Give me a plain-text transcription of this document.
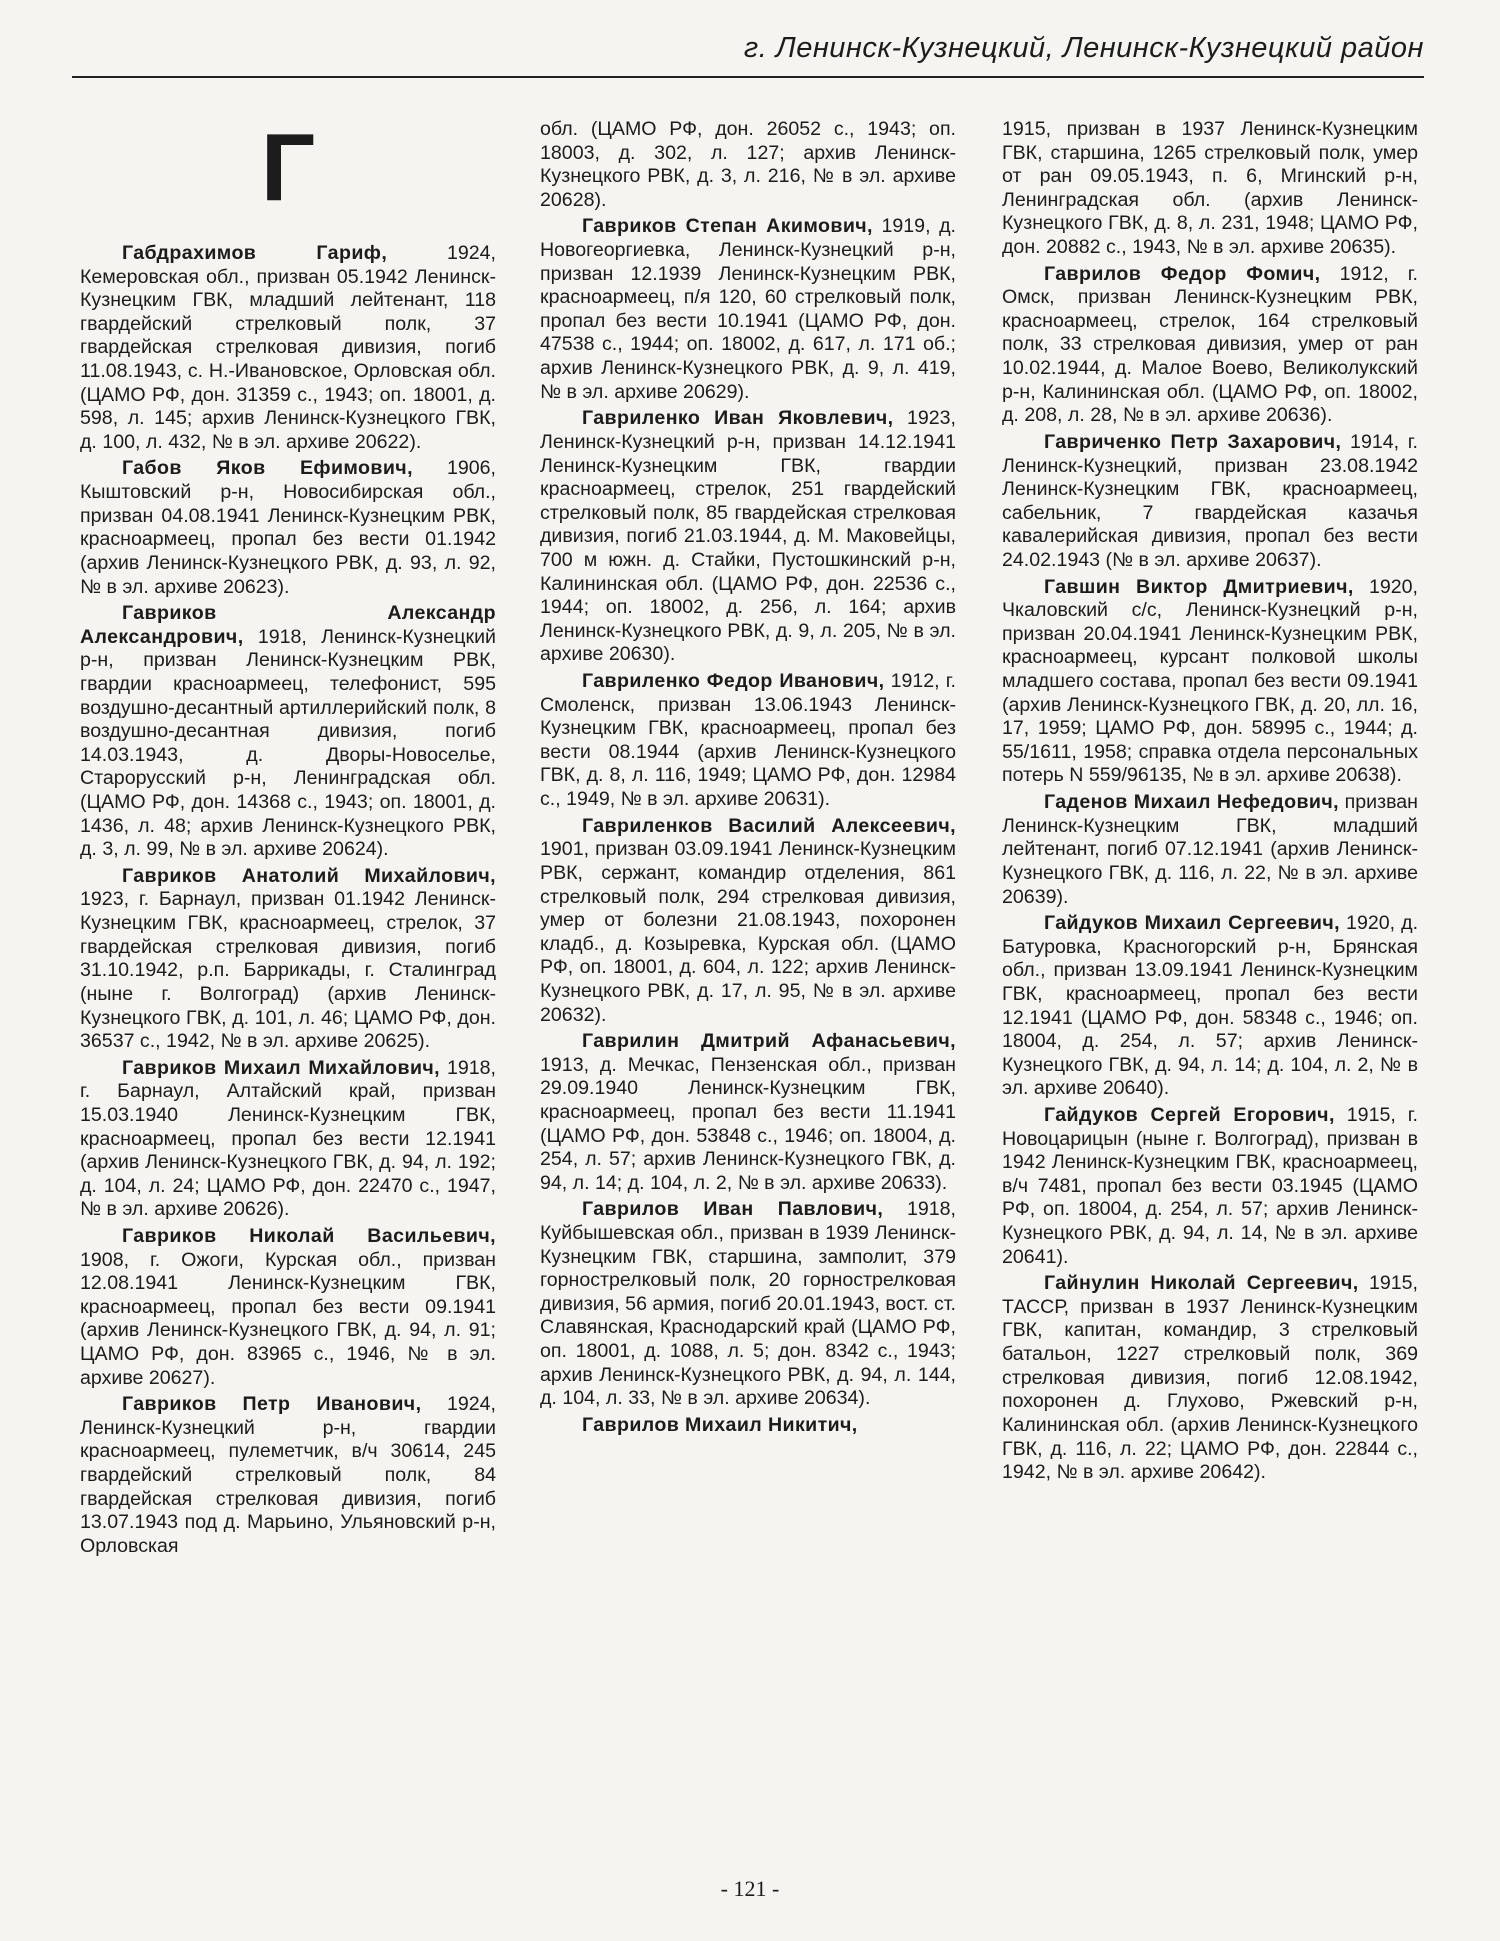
г. Ленинск-Кузнецкий, Ленинск-Кузнецкий район
Г

Габдрахимов Гариф, 1924, Кемеровская обл., призван 05.1942 Ленинск-Кузнецким ГВК, младший лейтенант, 118 гвардейский стрелковый полк, 37 гвардейская стрелковая дивизия, погиб 11.08.1943, с. Н.-Ивановское, Орловская обл. (ЦАМО РФ, дон. 31359 с., 1943; оп. 18001, д. 598, л. 145; архив Ленинск-Кузнецкого ГВК, д. 100, л. 432, № в эл. архиве 20622).

Габов Яков Ефимович, 1906, Кыштовский р-н, Новосибирская обл., призван 04.08.1941 Ленинск-Кузнецким РВК, красноармеец, пропал без вести 01.1942 (архив Ленинск-Кузнецкого РВК, д. 93, л. 92, № в эл. архиве 20623).

Гавриков Александр Александрович, 1918, Ленинск-Кузнецкий р-н, призван Ленинск-Кузнецким РВК, гвардии красноармеец, телефонист, 595 воздушно-десантный артиллерийский полк, 8 воздушно-десантная дивизия, погиб 14.03.1943, д. Дворы-Новоселье, Старорусский р-н, Ленинградская обл. (ЦАМО РФ, дон. 14368 с., 1943; оп. 18001, д. 1436, л. 48; архив Ленинск-Кузнецкого РВК, д. 3, л. 99, № в эл. архиве 20624).

Гавриков Анатолий Михайлович, 1923, г. Барнаул, призван 01.1942 Ленинск-Кузнецким ГВК, красноармеец, стрелок, 37 гвардейская стрелковая дивизия, погиб 31.10.1942, р.п. Баррикады, г. Сталинград (ныне г. Волгоград) (архив Ленинск-Кузнецкого ГВК, д. 101, л. 46; ЦАМО РФ, дон. 36537 с., 1942, № в эл. архиве 20625).

Гавриков Михаил Михайлович, 1918, г. Барнаул, Алтайский край, призван 15.03.1940 Ленинск-Кузнецким ГВК, красноармеец, пропал без вести 12.1941 (архив Ленинск-Кузнецкого ГВК, д. 94, л. 192; д. 104, л. 24; ЦАМО РФ, дон. 22470 с., 1947, № в эл. архиве 20626).

Гавриков Николай Васильевич, 1908, г. Ожоги, Курская обл., призван 12.08.1941 Ленинск-Кузнецким ГВК, красноармеец, пропал без вести 09.1941 (архив Ленинск-Кузнецкого ГВК, д. 94, л. 91; ЦАМО РФ, дон. 83965 с., 1946, № в эл. архиве 20627).

Гавриков Петр Иванович, 1924, Ленинск-Кузнецкий р-н, гвардии красноармеец, пулеметчик, в/ч 30614, 245 гвардейский стрелковый полк, 84 гвардейская стрелковая дивизия, погиб 13.07.1943 под д. Марьино, Ульяновский р-н, Орловская

обл. (ЦАМО РФ, дон. 26052 с., 1943; оп. 18003, д. 302, л. 127; архив Ленинск-Кузнецкого РВК, д. 3, л. 216, № в эл. архиве 20628).

Гавриков Степан Акимович, 1919, д. Новогеоргиевка, Ленинск-Кузнецкий р-н, призван 12.1939 Ленинск-Кузнецким РВК, красноармеец, п/я 120, 60 стрелковый полк, пропал без вести 10.1941 (ЦАМО РФ, дон. 47538 с., 1944; оп. 18002, д. 617, л. 171 об.; архив Ленинск-Кузнецкого РВК, д. 9, л. 419, № в эл. архиве 20629).

Гавриленко Иван Яковлевич, 1923, Ленинск-Кузнецкий р-н, призван 14.12.1941 Ленинск-Кузнецким ГВК, гвардии красноармеец, стрелок, 251 гвардейский стрелковый полк, 85 гвардейская стрелковая дивизия, погиб 21.03.1944, д. М. Маковейцы, 700 м южн. д. Стайки, Пустошкинский р-н, Калининская обл. (ЦАМО РФ, дон. 22536 с., 1944; оп. 18002, д. 256, л. 164; архив Ленинск-Кузнецкого РВК, д. 9, л. 205, № в эл. архиве 20630).

Гавриленко Федор Иванович, 1912, г. Смоленск, призван 13.06.1943 Ленинск-Кузнецким ГВК, красноармеец, пропал без вести 08.1944 (архив Ленинск-Кузнецкого ГВК, д. 8, л. 116, 1949; ЦАМО РФ, дон. 12984 с., 1949, № в эл. архиве 20631).

Гавриленков Василий Алексеевич, 1901, призван 03.09.1941 Ленинск-Кузнецким РВК, сержант, командир отделения, 861 стрелковый полк, 294 стрелковая дивизия, умер от болезни 21.08.1943, похоронен кладб., д. Козыревка, Курская обл. (ЦАМО РФ, оп. 18001, д. 604, л. 122; архив Ленинск-Кузнецкого РВК, д. 17, л. 95, № в эл. архиве 20632).

Гаврилин Дмитрий Афанасьевич, 1913, д. Мечкас, Пензенская обл., призван 29.09.1940 Ленинск-Кузнецким ГВК, красноармеец, пропал без вести 11.1941 (ЦАМО РФ, дон. 53848 с., 1946; оп. 18004, д. 254, л. 57; архив Ленинск-Кузнецкого ГВК, д. 94, л. 14; д. 104, л. 2, № в эл. архиве 20633).

Гаврилов Иван Павлович, 1918, Куйбышевская обл., призван в 1939 Ленинск-Кузнецким ГВК, старшина, замполит, 379 горнострелковый полк, 20 горнострелковая дивизия, 56 армия, погиб 20.01.1943, вост. ст. Славянская, Краснодарский край (ЦАМО РФ, оп. 18001, д. 1088, л. 5; дон. 8342 с., 1943; архив Ленинск-Кузнецкого РВК, д. 94, л. 144, д. 104, л. 33, № в эл. архиве 20634).

Гаврилов Михаил Никитич,

1915, призван в 1937 Ленинск-Кузнецким ГВК, старшина, 1265 стрелковый полк, умер от ран 09.05.1943, п. 6, Мгинский р-н, Ленинградская обл. (архив Ленинск-Кузнецкого ГВК, д. 8, л. 231, 1948; ЦАМО РФ, дон. 20882 с., 1943, № в эл. архиве 20635).

Гаврилов Федор Фомич, 1912, г. Омск, призван Ленинск-Кузнецким РВК, красноармеец, стрелок, 164 стрелковый полк, 33 стрелковая дивизия, умер от ран 10.02.1944, д. Малое Воево, Великолукский р-н, Калининская обл. (ЦАМО РФ, оп. 18002, д. 208, л. 28, № в эл. архиве 20636).

Гавриченко Петр Захарович, 1914, г. Ленинск-Кузнецкий, призван 23.08.1942 Ленинск-Кузнецким ГВК, красноармеец, сабельник, 7 гвардейская казачья кавалерийская дивизия, пропал без вести 24.02.1943 (№ в эл. архиве 20637).

Гавшин Виктор Дмитриевич, 1920, Чкаловский с/с, Ленинск-Кузнецкий р-н, призван 20.04.1941 Ленинск-Кузнецким РВК, красноармеец, курсант полковой школы младшего состава, пропал без вести 09.1941 (архив Ленинск-Кузнецкого ГВК, д. 20, лл. 16, 17, 1959; ЦАМО РФ, дон. 58995 с., 1944; д. 55/1611, 1958; справка отдела персональных потерь N 559/96135, № в эл. архиве 20638).

Гаденов Михаил Нефедович, призван Ленинск-Кузнецким ГВК, младший лейтенант, погиб 07.12.1941 (архив Ленинск-Кузнецкого ГВК, д. 116, л. 22, № в эл. архиве 20639).

Гайдуков Михаил Сергеевич, 1920, д. Батуровка, Красногорский р-н, Брянская обл., призван 13.09.1941 Ленинск-Кузнецким ГВК, красноармеец, пропал без вести 12.1941 (ЦАМО РФ, дон. 58348 с., 1946; оп. 18004, д. 254, л. 57; архив Ленинск-Кузнецкого ГВК, д. 94, л. 14; д. 104, л. 2, № в эл. архиве 20640).

Гайдуков Сергей Егорович, 1915, г. Новоцарицын (ныне г. Волгоград), призван в 1942 Ленинск-Кузнецким ГВК, красноармеец, в/ч 7481, пропал без вести 03.1945 (ЦАМО РФ, оп. 18004, д. 254, л. 57; архив Ленинск-Кузнецкого РВК, д. 94, л. 14, № в эл. архиве 20641).

Гайнулин Николай Сергеевич, 1915, ТАССР, призван в 1937 Ленинск-Кузнецким ГВК, капитан, командир, 3 стрелковый батальон, 1227 стрелковый полк, 369 стрелковая дивизия, погиб 12.08.1942, похоронен д. Глухово, Ржевский р-н, Калининская обл. (архив Ленинск-Кузнецкого ГВК, д. 116, л. 22; ЦАМО РФ, дон. 22844 с., 1942, № в эл. архиве 20642).

- 121 -
